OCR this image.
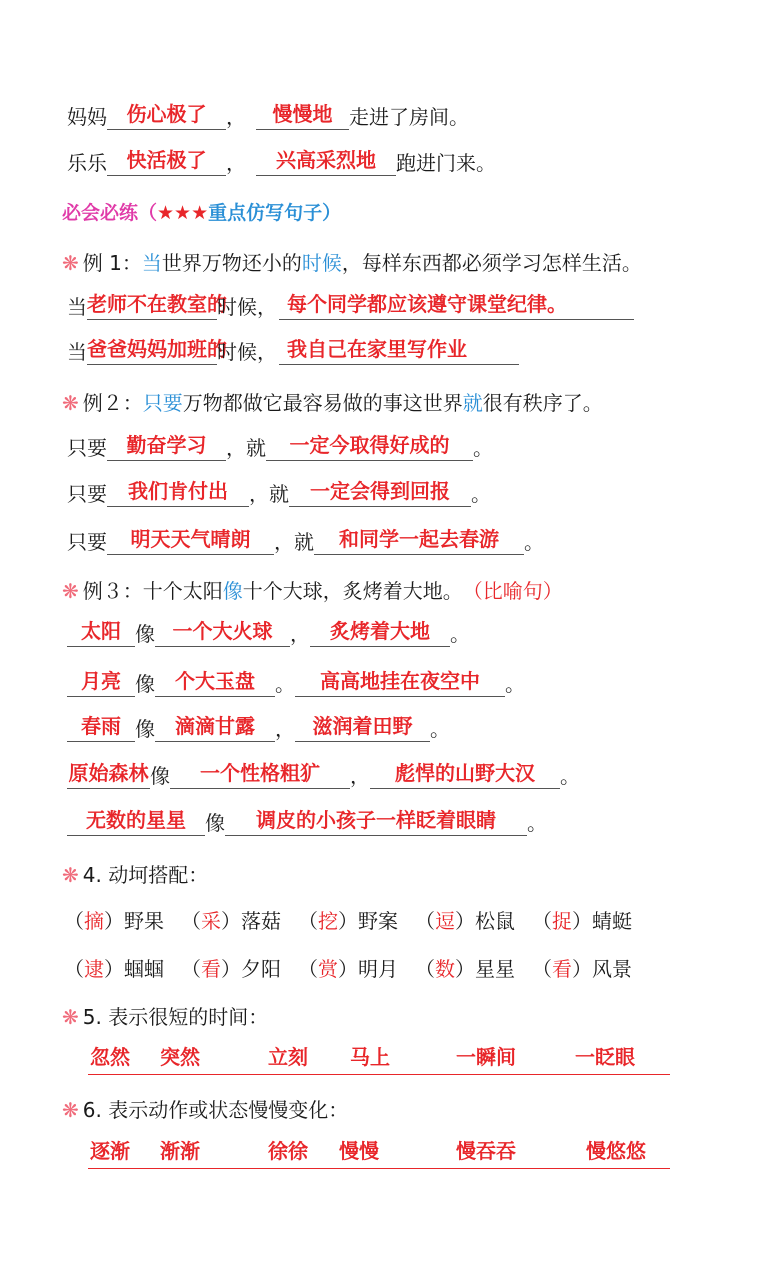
妈妈 伤心极了 ，	慢慢地 走进了房间。
乐乐 快活极了 ，	兴高采烈地	跑进门来。
必会必练（ ★★★ 重点仿写句子 ）
❋ 例 1： 当 世界万物还小的 时候 ，每样东西都必须学习怎样生活。
当 老师不在教室的
时候， 每个同学都应该遵守课堂纪律。
当 爸爸妈妈加班的
时候， 我自己在家里写作业
❋ 例２： 只要 万物都做它最容易做的事这世界 就 很有秩序了。
只要 勤奋学习 ，就	一定今取得好成的	。
只要	我们肯付出	，就	一定会得到回报	。
只要	明天天气晴朗	，就	和同学一起去春游	。
❋ 例３： 十个太阳 像 十个大球，炙烤着大地。 （比喻句）
太阳 像 一个大火球 ，	炙烤着大地	。
月亮 像	个大玉盘	。	高高地挂在夜空中	。
春雨 像	滴滴甘露	， 滋润着田野 。
原始森林 像	一个性格粗犷	，	彪悍的山野大汉	。
无数的星星 像	调皮的小孩子一样眨着眼睛	。
❋ 4. 动坷搭配：
（摘）野果 （采）落菇 （挖）野案 （逗）松鼠 （捉）蜻蜓
（逮）蝈蝈 （看）夕阳 （赏）明月 （数）星星 （看）风景
❋ 5. 表示很短的时间：
忽然 突然	立刻 马上	一瞬间	一眨眼
❋ 6. 表示动作或状态慢慢变化：
逐渐 渐渐	徐徐 慢慢	慢吞吞	慢悠悠
